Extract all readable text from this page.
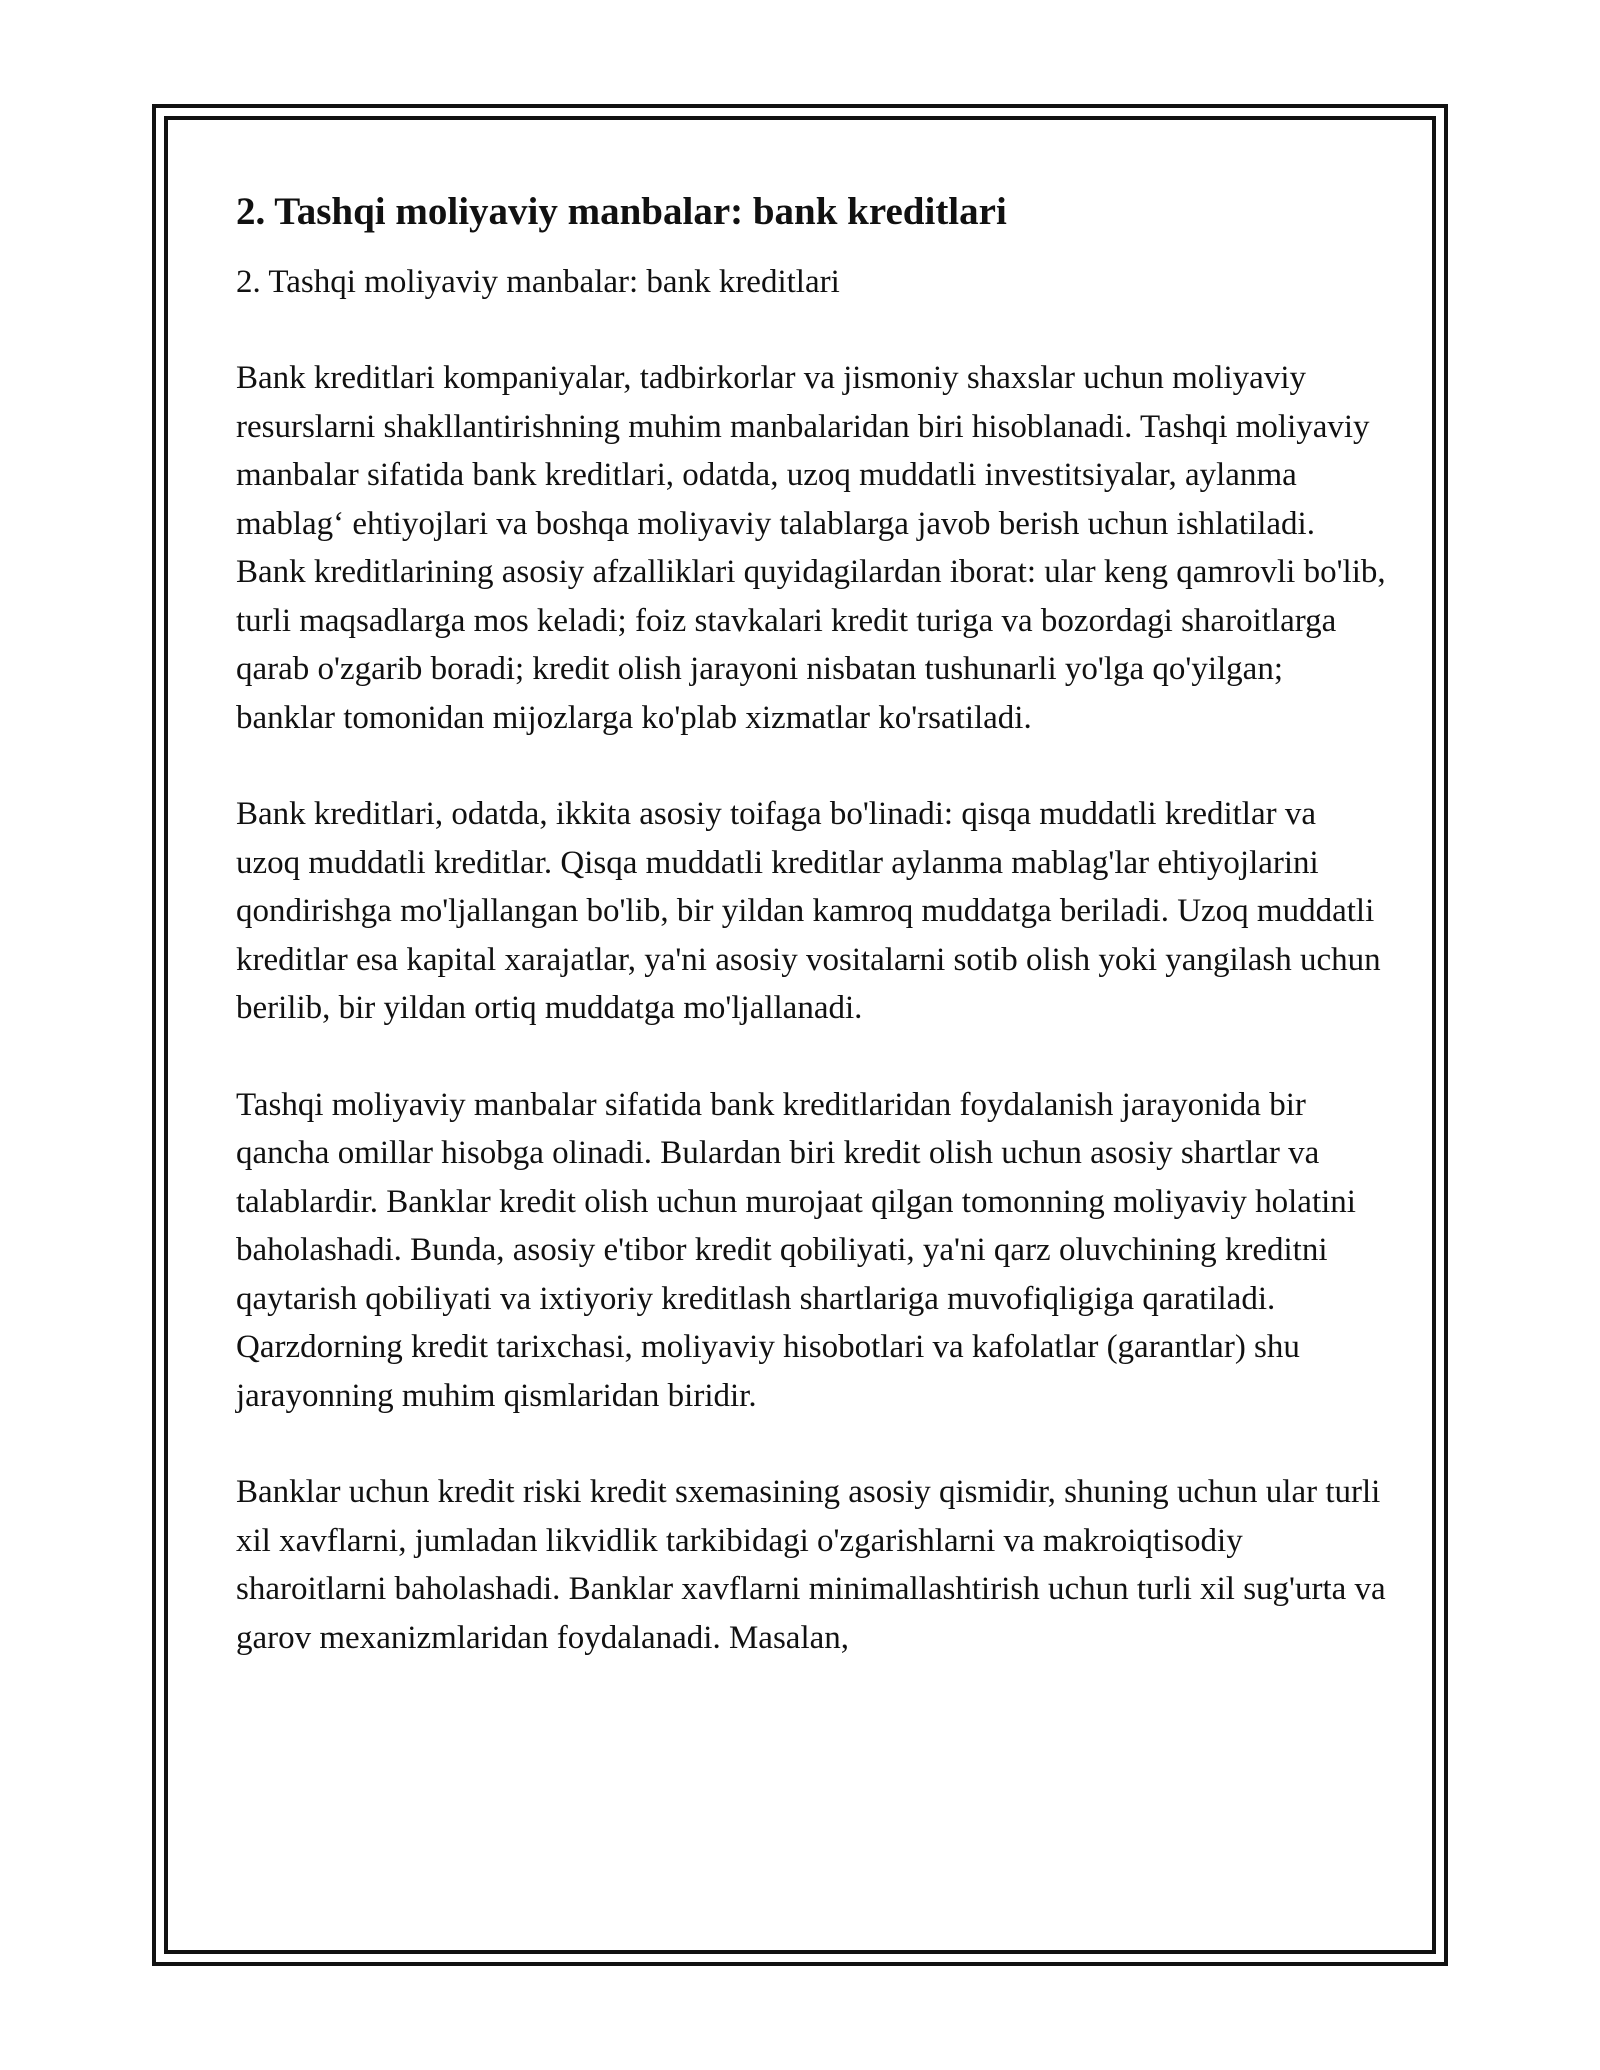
2. Tashqi moliyaviy manbalar: bank kreditlari
2. Tashqi moliyaviy manbalar: bank kreditlari

Bank kreditlari kompaniyalar, tadbirkorlar va jismoniy shaxslar uchun moliyaviy resurslarni shakllantirishning muhim manbalaridan biri hisoblanadi. Tashqi moliyaviy manbalar sifatida bank kreditlari, odatda, uzoq muddatli investitsiyalar, aylanma mablag‘ ehtiyojlari va boshqa moliyaviy talablarga javob berish uchun ishlatiladi. Bank kreditlarining asosiy afzalliklari quyidagilardan iborat: ular keng qamrovli bo'lib, turli maqsadlarga mos keladi; foiz stavkalari kredit turiga va bozordagi sharoitlarga qarab o'zgarib boradi; kredit olish jarayoni nisbatan tushunarli yo'lga qo'yilgan; banklar tomonidan mijozlarga ko'plab xizmatlar ko'rsatiladi.

Bank kreditlari, odatda, ikkita asosiy toifaga bo'linadi: qisqa muddatli kreditlar va uzoq muddatli kreditlar. Qisqa muddatli kreditlar aylanma mablag'lar ehtiyojlarini qondirishga mo'ljallangan bo'lib, bir yildan kamroq muddatga beriladi. Uzoq muddatli kreditlar esa kapital xarajatlar, ya'ni asosiy vositalarni sotib olish yoki yangilash uchun berilib, bir yildan ortiq muddatga mo'ljallanadi.

Tashqi moliyaviy manbalar sifatida bank kreditlaridan foydalanish jarayonida bir qancha omillar hisobga olinadi. Bulardan biri kredit olish uchun asosiy shartlar va talablardir. Banklar kredit olish uchun murojaat qilgan tomonning moliyaviy holatini baholashadi. Bunda, asosiy e'tibor kredit qobiliyati, ya'ni qarz oluvchining kreditni qaytarish qobiliyati va ixtiyoriy kreditlash shartlariga muvofiqligiga qaratiladi. Qarzdorning kredit tarixchasi, moliyaviy hisobotlari va kafolatlar (garantlar) shu jarayonning muhim qismlaridan biridir.

Banklar uchun kredit riski kredit sxemasining asosiy qismidir, shuning uchun ular turli xil xavflarni, jumladan likvidlik tarkibidagi o'zgarishlarni va makroiqtisodiy sharoitlarni baholashadi. Banklar xavflarni minimallashtirish uchun turli xil sug'urta va garov mexanizmlaridan foydalanadi. Masalan,
